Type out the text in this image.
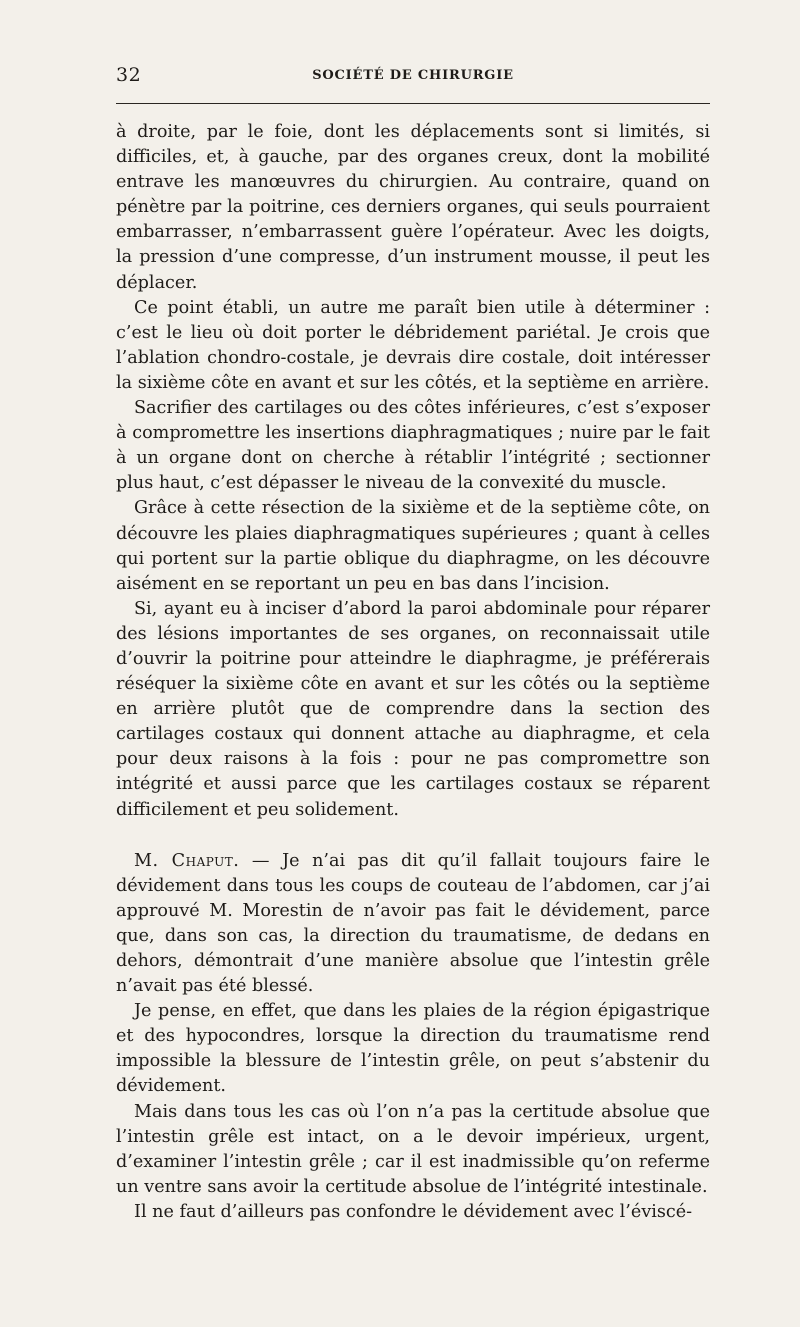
32	SOCIÉTÉ DE CHIRURGIE

à droite, par le foie, dont les déplacements sont si limités, si difficiles, et, à gauche, par des organes creux, dont la mobilité entrave les manœuvres du chirurgien. Au contraire, quand on pénètre par la poitrine, ces derniers organes, qui seuls pourraient embarrasser, n’embarrassent guère l’opérateur. Avec les doigts, la pression d’une compresse, d’un instrument mousse, il peut les déplacer.

Ce point établi, un autre me paraît bien utile à déterminer : c’est le lieu où doit porter le débridement pariétal. Je crois que l’ablation chondro-costale, je devrais dire costale, doit intéresser la sixième côte en avant et sur les côtés, et la septième en arrière.

Sacrifier des cartilages ou des côtes inférieures, c’est s’exposer à compromettre les insertions diaphragmatiques ; nuire par le fait à un organe dont on cherche à rétablir l’intégrité ; sectionner plus haut, c’est dépasser le niveau de la convexité du muscle.

Grâce à cette résection de la sixième et de la septième côte, on découvre les plaies diaphragmatiques supérieures ; quant à celles qui portent sur la partie oblique du diaphragme, on les découvre aisément en se reportant un peu en bas dans l’incision.

Si, ayant eu à inciser d’abord la paroi abdominale pour réparer des lésions importantes de ses organes, on reconnaissait utile d’ouvrir la poitrine pour atteindre le diaphragme, je préférerais réséquer la sixième côte en avant et sur les côtés ou la septième en arrière plutôt que de comprendre dans la section des cartilages costaux qui donnent attache au diaphragme, et cela pour deux raisons à la fois : pour ne pas compromettre son intégrité et aussi parce que les cartilages costaux se réparent difficilement et peu solidement.

M. Chaput. — Je n’ai pas dit qu’il fallait toujours faire le dévidement dans tous les coups de couteau de l’abdomen, car j’ai approuvé M. Morestin de n’avoir pas fait le dévidement, parce que, dans son cas, la direction du traumatisme, de dedans en dehors, démontrait d’une manière absolue que l’intestin grêle n’avait pas été blessé.

Je pense, en effet, que dans les plaies de la région épigastrique et des hypocondres, lorsque la direction du traumatisme rend impossible la blessure de l’intestin grêle, on peut s’abstenir du dévidement.

Mais dans tous les cas où l’on n’a pas la certitude absolue que l’intestin grêle est intact, on a le devoir impérieux, urgent, d’examiner l’intestin grêle ; car il est inadmissible qu’on referme un ventre sans avoir la certitude absolue de l’intégrité intestinale.

Il ne faut d’ailleurs pas confondre le dévidement avec l’éviscé-
